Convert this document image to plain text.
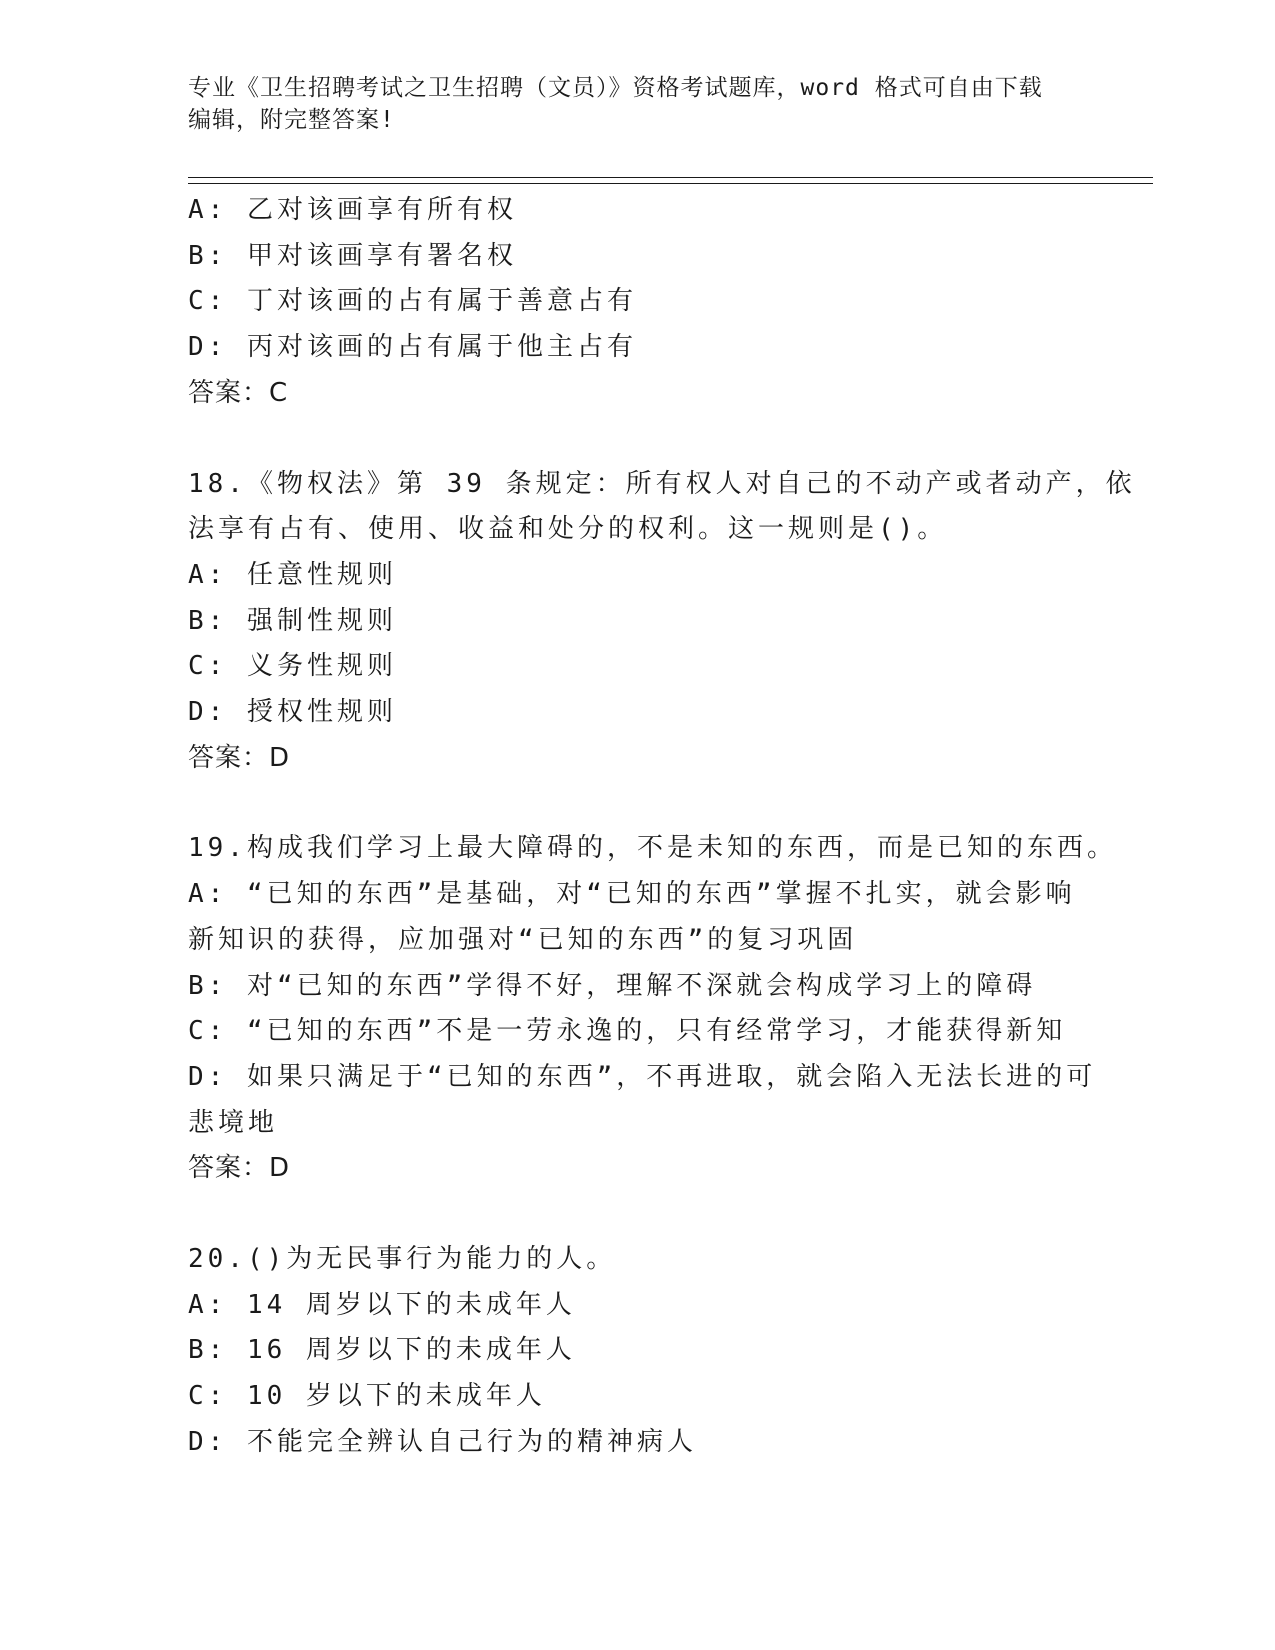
专业《卫生招聘考试之卫生招聘（文员）》资格考试题库，word 格式可自由下载
编辑，附完整答案!
A: 乙对该画享有所有权
B: 甲对该画享有署名权
C: 丁对该画的占有属于善意占有
D: 丙对该画的占有属于他主占有
答案：C
18.《物权法》第 39 条规定：所有权人对自己的不动产或者动产，依
法享有占有、使用、收益和处分的权利。这一规则是()。
A: 任意性规则
B: 强制性规则
C: 义务性规则
D: 授权性规则
答案：D
19.构成我们学习上最大障碍的，不是未知的东西，而是已知的东西。
A: “已知的东西”是基础，对“已知的东西”掌握不扎实，就会影响
新知识的获得，应加强对“已知的东西”的复习巩固
B: 对“已知的东西”学得不好，理解不深就会构成学习上的障碍
C: “已知的东西”不是一劳永逸的，只有经常学习，才能获得新知
D: 如果只满足于“已知的东西”，不再进取，就会陷入无法长进的可
悲境地
答案：D
20.()为无民事行为能力的人。
A: 14 周岁以下的未成年人
B: 16 周岁以下的未成年人
C: 10 岁以下的未成年人
D: 不能完全辨认自己行为的精神病人
